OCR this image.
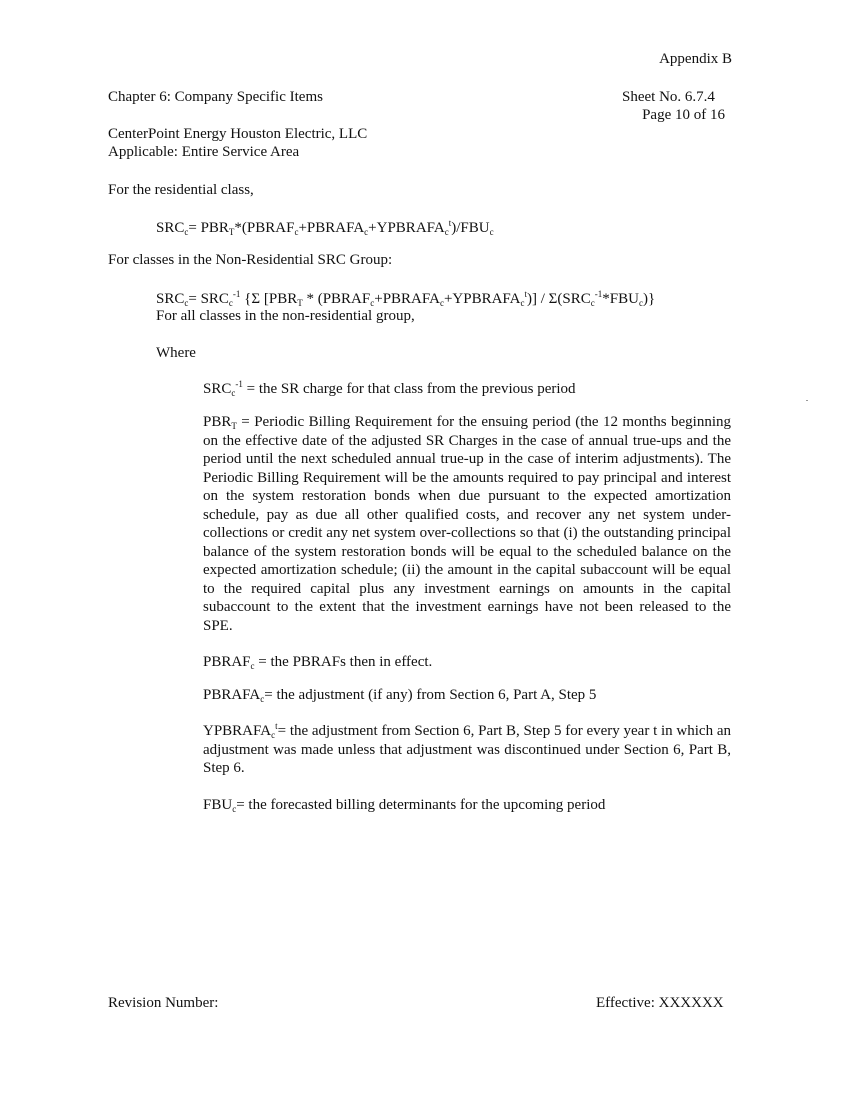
Appendix B
Chapter 6: Company Specific Items	Sheet No. 6.7.4
Page 10 of 16
CenterPoint Energy Houston Electric, LLC
Applicable: Entire Service Area
For the residential class,
$SRC_c=$ $PBR_T*(PBRAF_c+PBRAFA_c+YPBRAFA_c^t)/FBU_c$
For classes in the Non-Residential SRC Group:
$SRC_c= SRC_c^{-1}$ {Σ [$PBR_T$ * $(PBRAF_c+PBRAFA_c+YPBRAFA_c^t)] / \Sigma(SRC_c^{-1}*FBU_c)$}
For all classes in the non-residential group,
Where
$SRC_c^{-1}$ = the SR charge for that class from the previous period
$PBR_T$ = Periodic Billing Requirement for the ensuing period (the 12 months beginning on the effective date of the adjusted SR Charges in the case of annual true-ups and the period until the next scheduled annual true-up in the case of interim adjustments). The Periodic Billing Requirement will be the amounts required to pay principal and interest on the system restoration bonds when due pursuant to the expected amortization schedule, pay as due all other qualified costs, and recover any net system under-collections or credit any net system over-collections so that (i) the outstanding principal balance of the system restoration bonds will be equal to the scheduled balance on the expected amortization schedule; (ii) the amount in the capital subaccount will be equal to the required capital plus any investment earnings on amounts in the capital subaccount to the extent that the investment earnings have not been released to the SPE.
$PBRAF_c$ = the PBRAFs then in effect.
$PBRAFA_c=$ the adjustment (if any) from Section 6, Part A, Step 5
$YPBRAFA_c^t=$ the adjustment from Section 6, Part B, Step 5 for every year t in which an adjustment was made unless that adjustment was discontinued under Section 6, Part B, Step 6.
$FBU_c=$ the forecasted billing determinants for the upcoming period
Revision Number:	Effective: XXXXXX
